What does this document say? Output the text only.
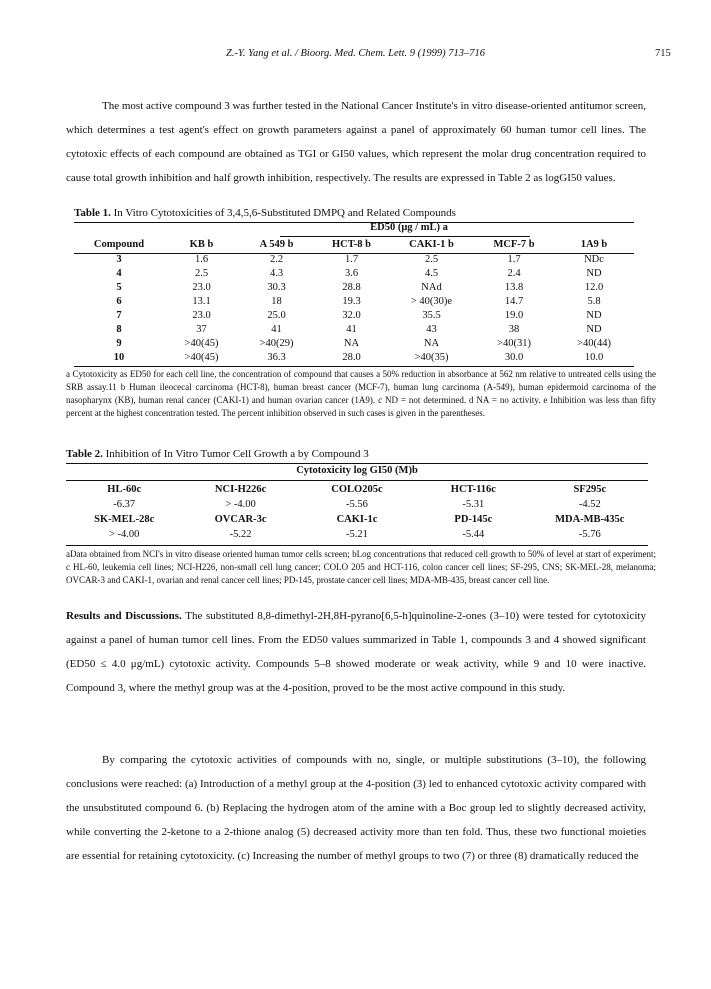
Z.-Y. Yang et al. / Bioorg. Med. Chem. Lett. 9 (1999) 713–716	715
The most active compound 3 was further tested in the National Cancer Institute's in vitro disease-oriented antitumor screen, which determines a test agent's effect on growth parameters against a panel of approximately 60 human tumor cell lines. The cytotoxic effects of each compound are obtained as TGI or GI50 values, which represent the molar drug concentration required to cause total growth inhibition and half growth inhibition, respectively. The results are expressed in Table 2 as logGI50 values.
Table 1. In Vitro Cytotoxicities of 3,4,5,6-Substituted DMPQ and Related Compounds
ED50 (μg / mL) a
Compound	KB b	A 549 b	HCT-8 b	CAKI-1 b	MCF-7 b	1A9 b
3	1.6	2.2	1.7	2.5	1.7	NDc
4	2.5	4.3	3.6	4.5	2.4	ND
5	23.0	30.3	28.8	NAd	13.8	12.0
6	13.1	18	19.3	> 40(30)e	14.7	5.8
7	23.0	25.0	32.0	35.5	19.0	ND
8	37	41	41	43	38	ND
9	>40(45)	>40(29)	NA	NA	>40(31)	>40(44)
10	>40(45)	36.3	28.0	>40(35)	30.0	10.0
a Cytotoxicity as ED50 for each cell line, the concentration of compound that causes a 50% reduction in absorbance at 562 nm relative to untreated cells using the SRB assay.11 b Human ileocecal carcinoma (HCT-8), human breast cancer (MCF-7), human lung carcinoma (A-549), human epidermoid carcinoma of the nasopharynx (KB), human renal cancer (CAKI-1) and human ovarian cancer (1A9). c ND = not determined. d NA = no activity. e Inhibition was less than fifty percent at the highest concentration tested. The percent inhibition observed in such cases is given in the parentheses.
Table 2. Inhibition of In Vitro Tumor Cell Growth a by Compound 3
Cytotoxicity log GI50 (M)b
HL-60c	NCI-H226c	COLO205c	HCT-116c	SF295c
-6.37	> -4.00	-5.56	-5.31	-4.52
SK-MEL-28c	OVCAR-3c	CAKI-1c	PD-145c	MDA-MB-435c
> -4.00	-5.22	-5.21	-5.44	-5.76
aData obtained from NCI's in vitro disease oriented human tumor cells screen; bLog concentrations that reduced cell growth to 50% of level at start of experiment; c HL-60, leukemia cell lines; NCI-H226, non-small cell lung cancer; COLO 205 and HCT-116, colon cancer cell lines; SF-295, CNS; SK-MEL-28, melanoma; OVCAR-3 and CAKI-1, ovarian and renal cancer cell lines; PD-145, prostate cancer cell lines; MDA-MB-435, breast cancer cell line.
Results and Discussions. The substituted 8,8-dimethyl-2H,8H-pyrano[6,5-h]quinoline-2-ones (3–10) were tested for cytotoxicity against a panel of human tumor cell lines. From the ED50 values summarized in Table 1, compounds 3 and 4 showed significant (ED50 ≤ 4.0 μg/mL) cytotoxic activity. Compounds 5–8 showed moderate or weak activity, while 9 and 10 were inactive. Compound 3, where the methyl group was at the 4-position, proved to be the most active compound in this study.
By comparing the cytotoxic activities of compounds with no, single, or multiple substitutions (3–10), the following conclusions were reached: (a) Introduction of a methyl group at the 4-position (3) led to enhanced cytotoxic activity compared with the unsubstituted compound 6. (b) Replacing the hydrogen atom of the amine with a Boc group led to slightly decreased activity, while converting the 2-ketone to a 2-thione analog (5) decreased activity more than ten fold. Thus, these two functional moieties are essential for retaining cytotoxicity. (c) Increasing the number of methyl groups to two (7) or three (8) dramatically reduced the
